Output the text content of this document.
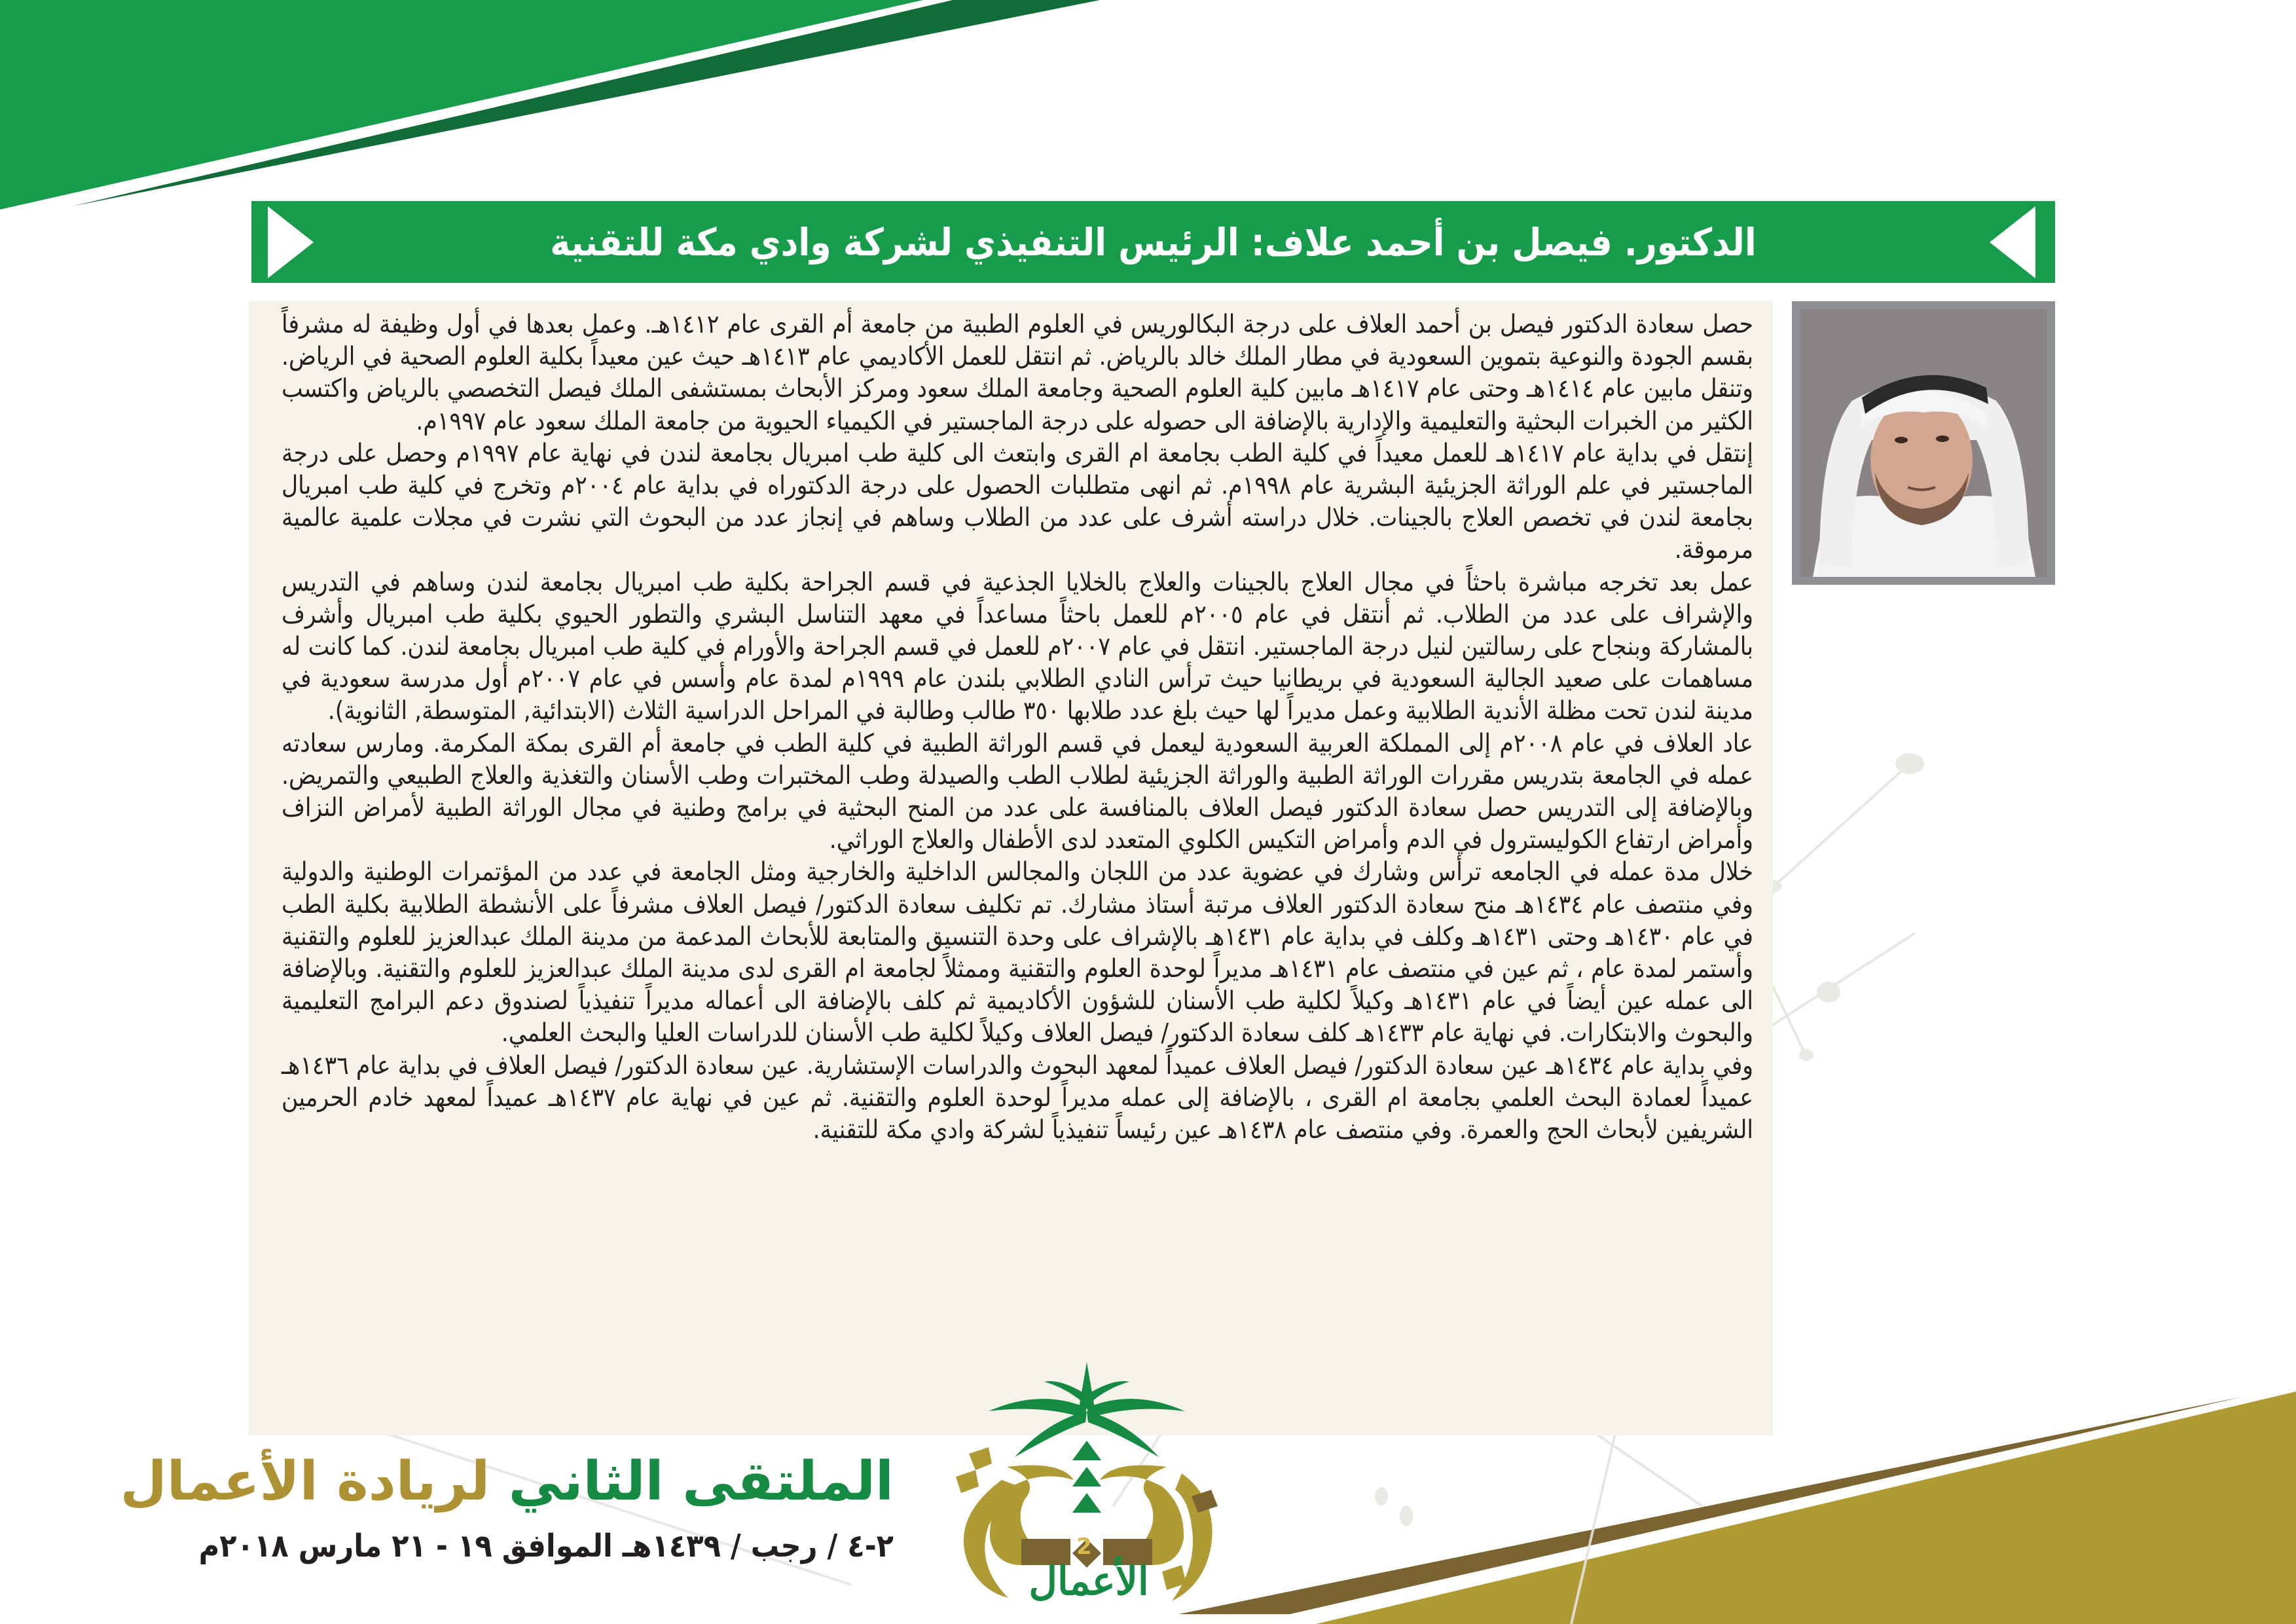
الدكتور. فيصل بن أحمد علاف: الرئيس التنفيذي لشركة وادي مكة للتقنية

حصل سعادة الدكتور فيصل بن أحمد العلاف على درجة البكالوريس في العلوم الطبية من جامعة أم القرى عام ١٤١٢هـ. وعمل بعدها في أول وظيفة له مشرفاً بقسم الجودة والنوعية بتموين السعودية في مطار الملك خالد بالرياض. ثم انتقل للعمل الأكاديمي عام ١٤١٣هـ حيث عين معيداً بكلية العلوم الصحية في الرياض. وتنقل مابين عام ١٤١٤هـ وحتى عام ١٤١٧هـ مابين كلية العلوم الصحية وجامعة الملك سعود ومركز الأبحاث بمستشفى الملك فيصل التخصصي بالرياض واكتسب الكثير من الخبرات البحثية والتعليمية والإدارية بالإضافة الى حصوله على درجة الماجستير في الكيمياء الحيوية من جامعة الملك سعود عام ١٩٩٧م.

إنتقل في بداية عام ١٤١٧هـ للعمل معيداً في كلية الطب بجامعة ام القرى وابتعث الى كلية طب امبريال بجامعة لندن في نهاية عام ١٩٩٧م وحصل على درجة الماجستير في علم الوراثة الجزيئية البشرية عام ١٩٩٨م. ثم انهى متطلبات الحصول على درجة الدكتوراه في بداية عام ٢٠٠٤م وتخرج في كلية طب امبريال بجامعة لندن في تخصص العلاج بالجينات. خلال دراسته أشرف على عدد من الطلاب وساهم في إنجاز عدد من البحوث التي نشرت في مجلات علمية عالمية مرموقة.

عمل بعد تخرجه مباشرة باحثاً في مجال العلاج بالجينات والعلاج بالخلايا الجذعية في قسم الجراحة بكلية طب امبريال بجامعة لندن وساهم في التدريس والإشراف على عدد من الطلاب. ثم أنتقل في عام ٢٠٠٥م للعمل باحثاً مساعداً في معهد التناسل البشري والتطور الحيوي بكلية طب امبريال وأشرف بالمشاركة وبنجاح على رسالتين لنيل درجة الماجستير. انتقل في عام ٢٠٠٧م للعمل في قسم الجراحة والأورام في كلية طب امبريال بجامعة لندن. كما كانت له مساهمات على صعيد الجالية السعودية في بريطانيا حيث ترأس النادي الطلابي بلندن عام ١٩٩٩م لمدة عام وأسس في عام ٢٠٠٧م أول مدرسة سعودية في مدينة لندن تحت مظلة الأندية الطلابية وعمل مديراً لها حيث بلغ عدد طلابها ٣٥٠ طالب وطالبة في المراحل الدراسية الثلاث (الابتدائية, المتوسطة, الثانوية).

عاد العلاف في عام ٢٠٠٨م إلى المملكة العربية السعودية ليعمل في قسم الوراثة الطبية في كلية الطب في جامعة أم القرى بمكة المكرمة. ومارس سعادته عمله في الجامعة بتدريس مقررات الوراثة الطبية والوراثة الجزيئية لطلاب الطب والصيدلة وطب المختبرات وطب الأسنان والتغذية والعلاج الطبيعي والتمريض. وبالإضافة إلى التدريس حصل سعادة الدكتور فيصل العلاف بالمنافسة على عدد من المنح البحثية في برامج وطنية في مجال الوراثة الطبية لأمراض النزاف وأمراض ارتفاع الكوليسترول في الدم وأمراض التكيس الكلوي المتعدد لدى الأطفال والعلاج الوراثي.

خلال مدة عمله في الجامعه ترأس وشارك في عضوية عدد من اللجان والمجالس الداخلية والخارجية ومثل الجامعة في عدد من المؤتمرات الوطنية والدولية وفي منتصف عام ١٤٣٤هـ منح سعادة الدكتور العلاف مرتبة أستاذ مشارك. تم تكليف سعادة الدكتور/ فيصل العلاف مشرفاً على الأنشطة الطلابية بكلية الطب في عام ١٤٣٠هـ وحتى ١٤٣١هـ وكلف في بداية عام ١٤٣١هـ بالإشراف على وحدة التنسيق والمتابعة للأبحاث المدعمة من مدينة الملك عبدالعزيز للعلوم والتقنية وأستمر لمدة عام ، ثم عين في منتصف عام ١٤٣١هـ مديراً لوحدة العلوم والتقنية وممثلاً لجامعة ام القرى لدى مدينة الملك عبدالعزيز للعلوم والتقنية. وبالإضافة الى عمله عين أيضاً في عام ١٤٣١هـ وكيلاً لكلية طب الأسنان للشؤون الأكاديمية ثم كلف بالإضافة الى أعماله مديراً تنفيذياً لصندوق دعم البرامج التعليمية والبحوث والابتكارات. في نهاية عام ١٤٣٣هـ كلف سعادة الدكتور/ فيصل العلاف وكيلاً لكلية طب الأسنان للدراسات العليا والبحث العلمي.

وفي بداية عام ١٤٣٤هـ عين سعادة الدكتور/ فيصل العلاف عميداً لمعهد البحوث والدراسات الإستشارية. عين سعادة الدكتور/ فيصل العلاف في بداية عام ١٤٣٦هـ عميداً لعمادة البحث العلمي بجامعة ام القرى ، بالإضافة إلى عمله مديراً لوحدة العلوم والتقنية. ثم عين في نهاية عام ١٤٣٧هـ عميداً لمعهد خادم الحرمين الشريفين لأبحاث الحج والعمرة. وفي منتصف عام ١٤٣٨هـ عين رئيساً تنفيذياً لشركة وادي مكة للتقنية.

الملتقى الثاني لريادة الأعمال
٢-٤ / رجب / ١٤٣٩هـ الموافق ١٩ - ٢١ مارس ٢٠١٨م	2
الأعمال
